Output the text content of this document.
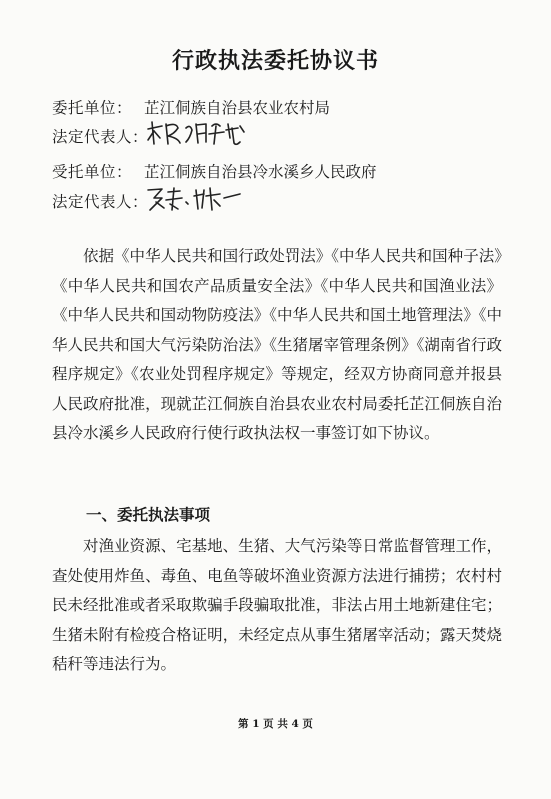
行政执法委托协议书
委托单位： 芷江侗族自治县农业农村局
法定代表人：
受托单位： 芷江侗族自治县冷水溪乡人民政府
法定代表人：
依据《中华人民共和国行政处罚法》《中华人民共和国种子法》《中华人民共和国农产品质量安全法》《中华人民共和国渔业法》《中华人民共和国动物防疫法》《中华人民共和国土地管理法》《中华人民共和国大气污染防治法》《生猪屠宰管理条例》《湖南省行政程序规定》《农业处罚程序规定》等规定，经双方协商同意并报县人民政府批准，现就芷江侗族自治县农业农村局委托芷江侗族自治县冷水溪乡人民政府行使行政执法权一事签订如下协议。
一、委托执法事项
对渔业资源、宅基地、生猪、大气污染等日常监督管理工作，查处使用炸鱼、毒鱼、电鱼等破坏渔业资源方法进行捕捞；农村村民未经批准或者采取欺骗手段骗取批准，非法占用土地新建住宅；生猪未附有检疫合格证明，未经定点从事生猪屠宰活动；露天焚烧秸秆等违法行为。
第 1 页 共 4 页
